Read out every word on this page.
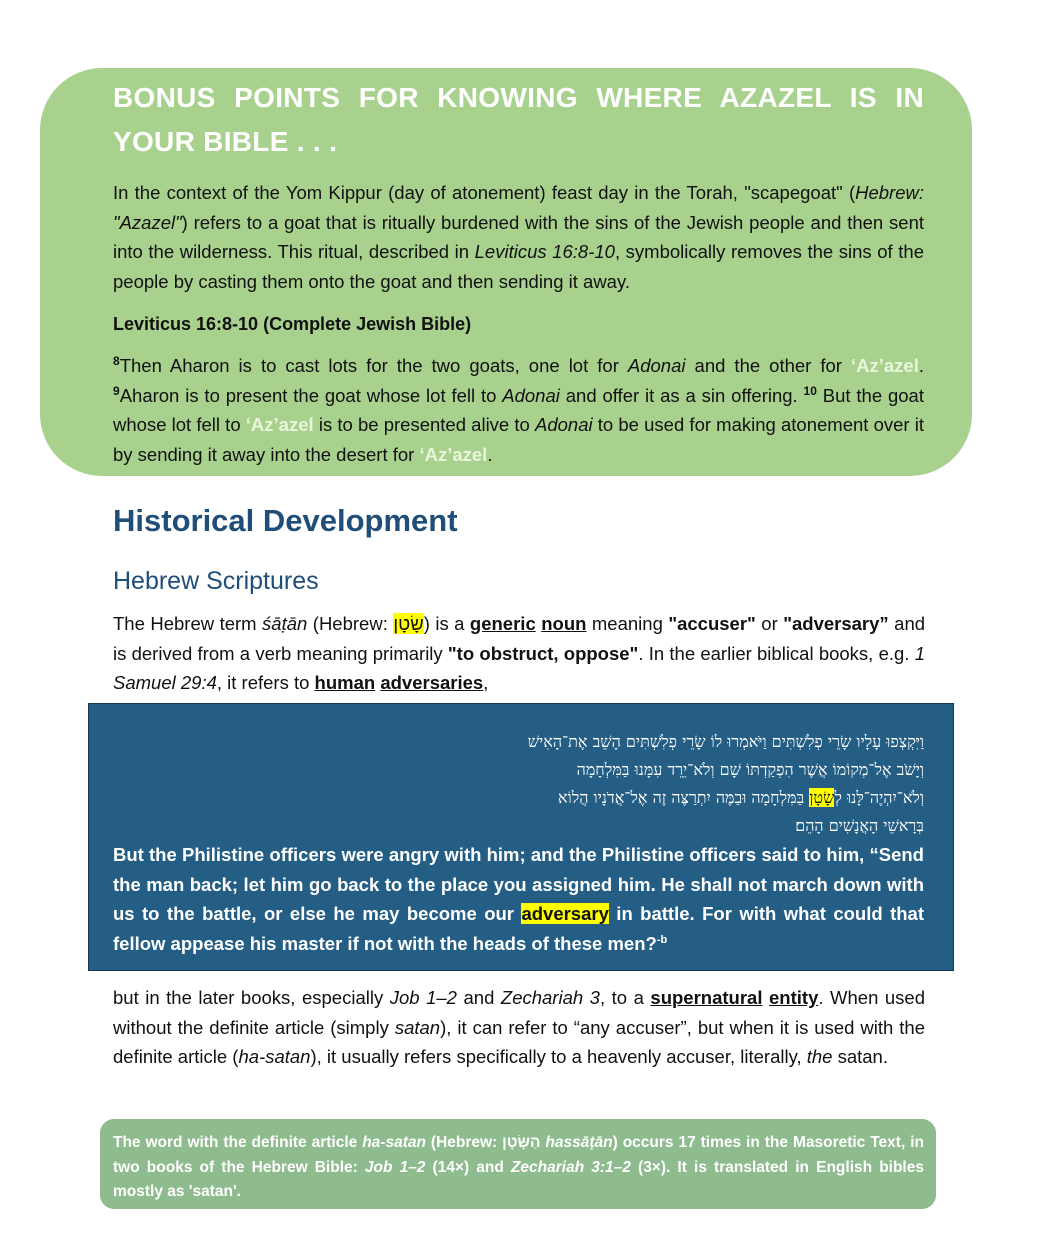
BONUS POINTS FOR KNOWING WHERE AZAZEL IS IN YOUR BIBLE . . .

In the context of the Yom Kippur (day of atonement) feast day in the Torah, "scapegoat" (Hebrew: "Azazel") refers to a goat that is ritually burdened with the sins of the Jewish people and then sent into the wilderness. This ritual, described in Leviticus 16:8-10, symbolically removes the sins of the people by casting them onto the goat and then sending it away.

Leviticus 16:8-10 (Complete Jewish Bible)

$^8$Then Aharon is to cast lots for the two goats, one lot for Adonai and the other for ‘Az’azel. $^9$Aharon is to present the goat whose lot fell to Adonai and offer it as a sin offering. $^{10}$ But the goat whose lot fell to ‘Az’azel is to be presented alive to Adonai to be used for making atonement over it by sending it away into the desert for ‘Az’azel.

Historical Development
Hebrew Scriptures

The Hebrew term śāṭān (Hebrew: שָׂטָן) is a generic noun meaning "accuser" or "adversary” and is derived from a verb meaning primarily "to obstruct, oppose". In the earlier biblical books, e.g. 1 Samuel 29:4, it refers to human adversaries,

וַיִּקְצְפוּ עָלָיו שָׂרֵי פְלִשְׁתִּים וַיֹּאמְרוּ לוֹ שָׂרֵי פְלִשְׁתִּים הָשֵׁב אֶת־הָאִישׁ
וְיָשֹׁב אֶל־מְקוֹמוֹ אֲשֶׁר הִפְקַדְתּוֹ שָׁם וְלֹא־יֵרֵד עִמָּנוּ בַּמִּלְחָמָה
וְלֹא־יִהְיֶה־לָּנוּ לְשָׂטָן בַּמִּלְחָמָה וּבַמֶּה יִתְרַצֶּה זֶה אֶל־אֲדֹנָיו הֲלוֹא
בְּרָאשֵׁי הָאֲנָשִׁים הָהֵם׃

But the Philistine officers were angry with him; and the Philistine officers said to him, “Send the man back; let him go back to the place you assigned him. He shall not march down with us to the battle, or else he may become our adversary in battle. For with what could that fellow appease his master if not with the heads of these men?$^{-b}$

but in the later books, especially Job 1–2 and Zechariah 3, to a supernatural entity. When used without the definite article (simply satan), it can refer to “any accuser”, but when it is used with the definite article (ha-satan), it usually refers specifically to a heavenly accuser, literally, the satan.

The word with the definite article ha-satan (Hebrew: הַשָּׂטָן hassāṭān) occurs 17 times in the Masoretic Text, in two books of the Hebrew Bible: Job 1–2 (14×) and Zechariah 3:1–2 (3×). It is translated in English bibles mostly as 'satan'.
